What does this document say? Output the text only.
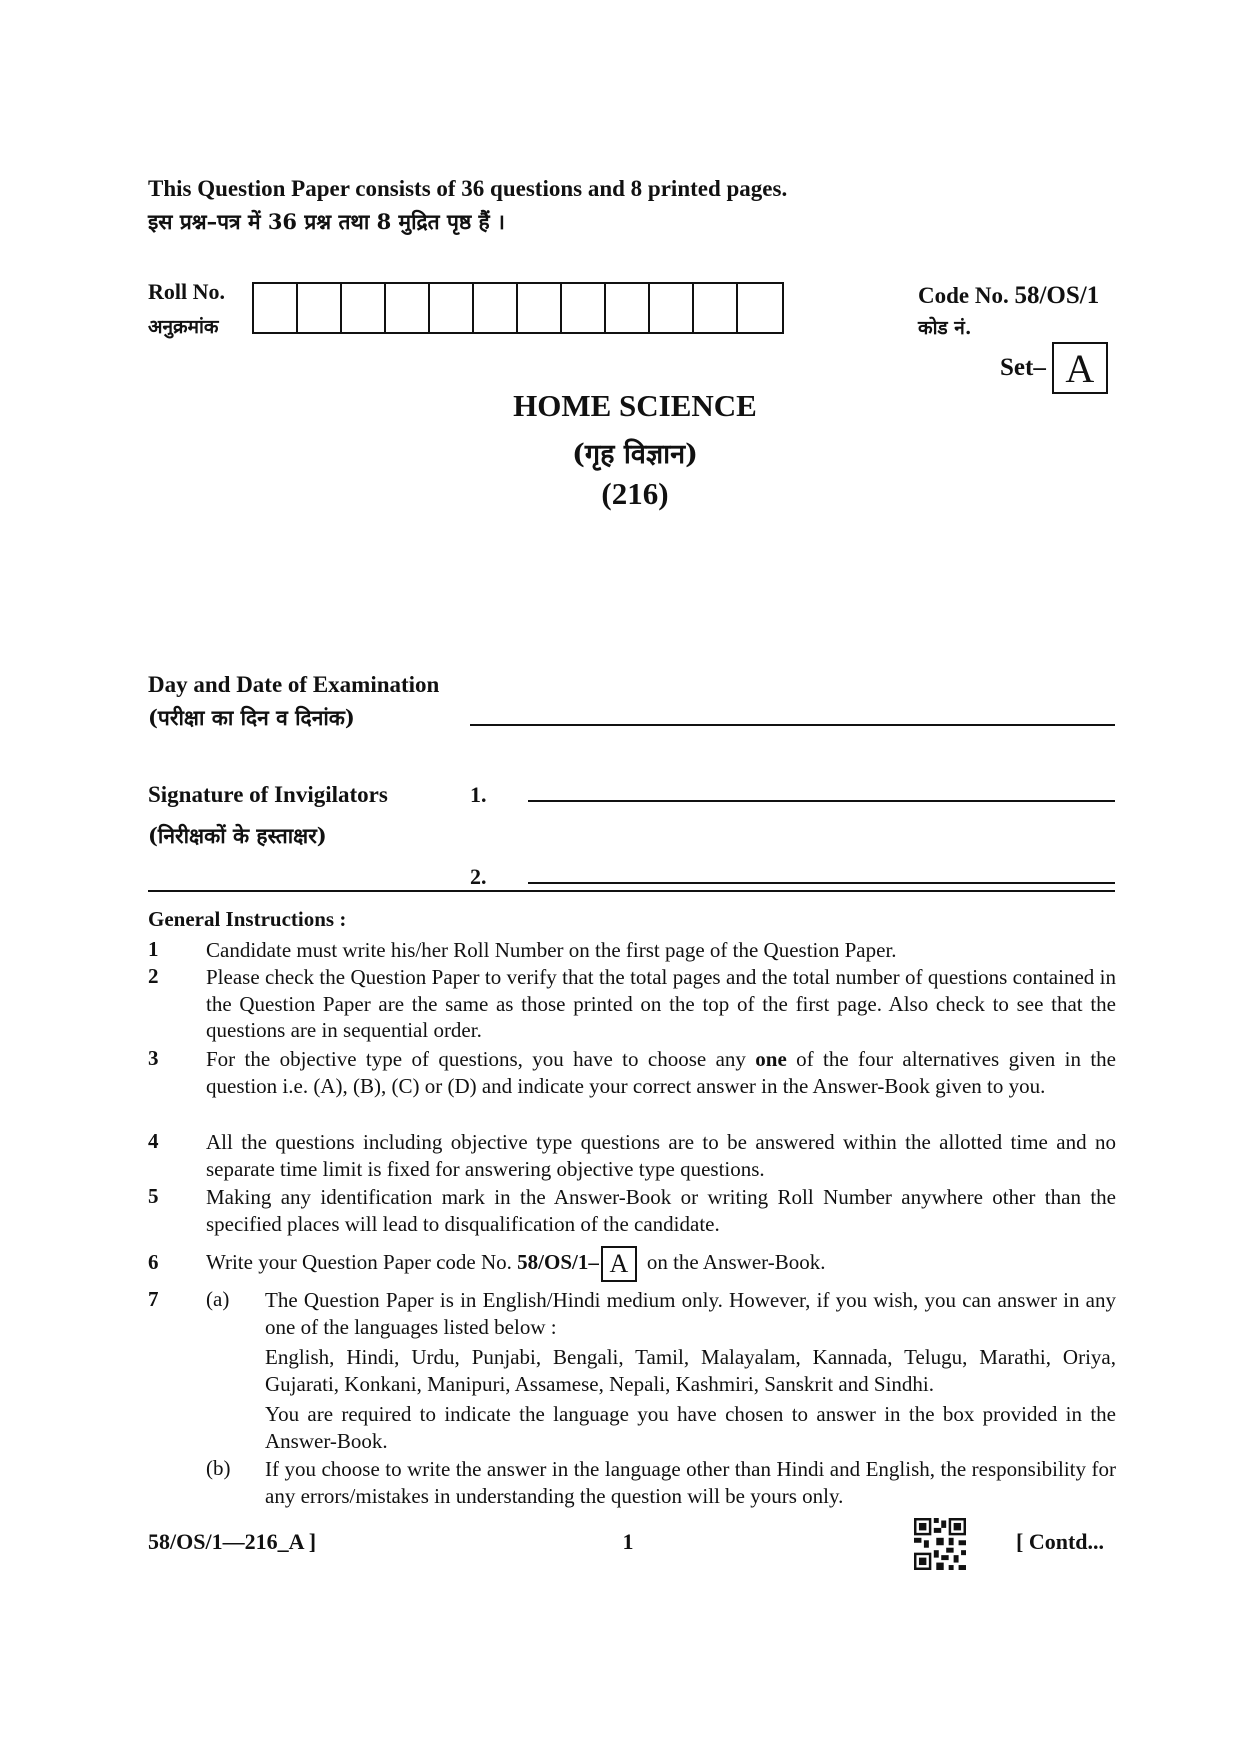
This Question Paper consists of 36 questions and 8 printed pages.
इस प्रश्न–पत्र में 36 प्रश्न तथा 8 मुद्रित पृष्ठ हैं ।
Roll No.
अनुक्रमांक
Code No. 58/OS/1
कोड नं.
Set– A
HOME SCIENCE
(गृह विज्ञान)
(216)
Day and Date of Examination
(परीक्षा का दिन व दिनांक)
Signature of Invigilators
(निरीक्षकों के हस्ताक्षर)
1.
2.
General Instructions :
1 Candidate must write his/her Roll Number on the first page of the Question Paper.
2 Please check the Question Paper to verify that the total pages and the total number of questions contained in the Question Paper are the same as those printed on the top of the first page. Also check to see that the questions are in sequential order.
3 For the objective type of questions, you have to choose any one of the four alternatives given in the question i.e. (A), (B), (C) or (D) and indicate your correct answer in the Answer-Book given to you.
4 All the questions including objective type questions are to be answered within the allotted time and no separate time limit is fixed for answering objective type questions.
5 Making any identification mark in the Answer-Book or writing Roll Number anywhere other than the specified places will lead to disqualification of the candidate.
6 Write your Question Paper code No. 58/OS/1– A on the Answer-Book.
7 (a) The Question Paper is in English/Hindi medium only. However, if you wish, you can answer in any one of the languages listed below :
English, Hindi, Urdu, Punjabi, Bengali, Tamil, Malayalam, Kannada, Telugu, Marathi, Oriya, Gujarati, Konkani, Manipuri, Assamese, Nepali, Kashmiri, Sanskrit and Sindhi.
You are required to indicate the language you have chosen to answer in the box provided in the Answer-Book.
(b) If you choose to write the answer in the language other than Hindi and English, the responsibility for any errors/mistakes in understanding the question will be yours only.
58/OS/1—216_A ]	1	[ Contd...
